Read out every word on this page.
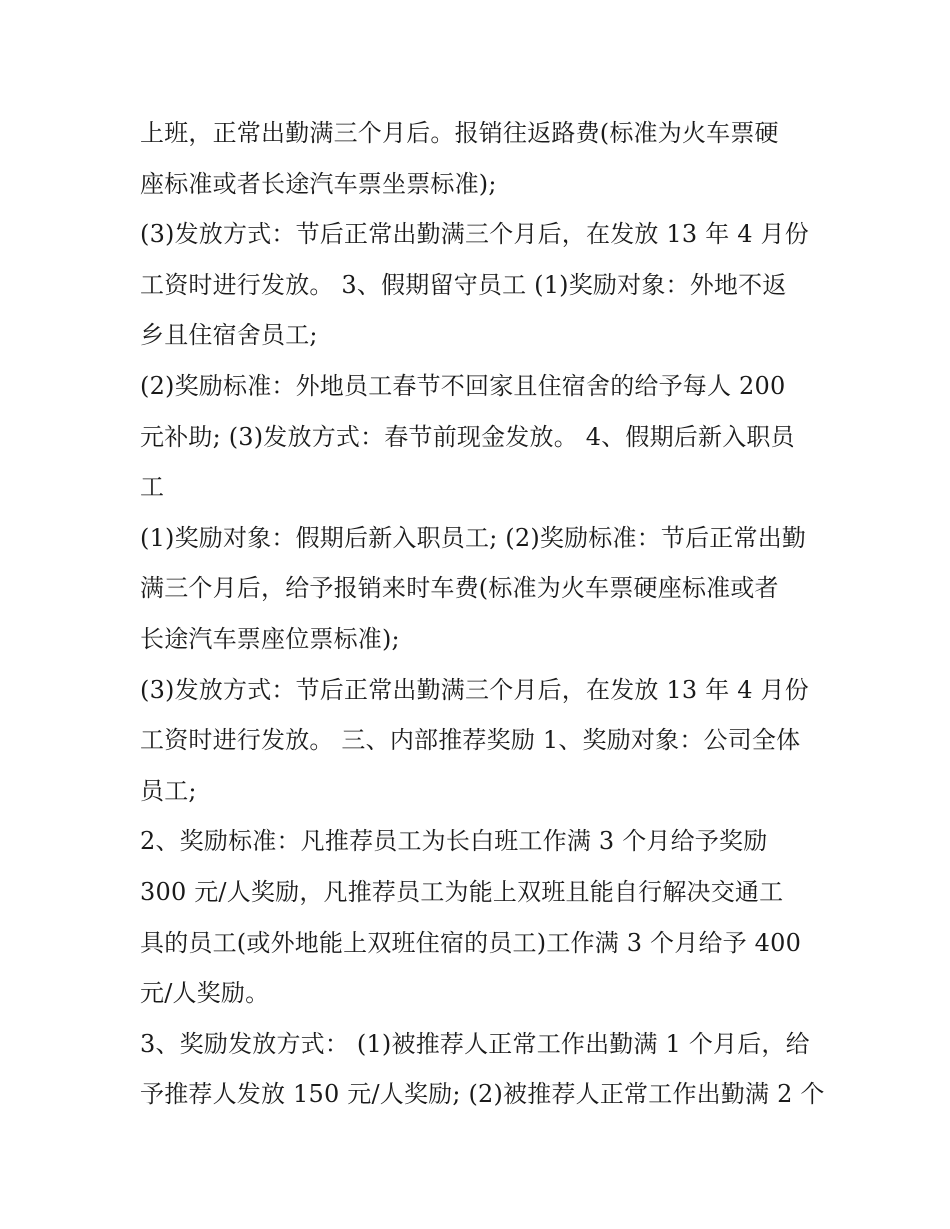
上班，正常出勤满三个月后。报销往返路费(标准为火车票硬
座标准或者长途汽车票坐票标准);
(3)发放方式：节后正常出勤满三个月后，在发放 13 年 4 月份
工资时进行发放。 3、假期留守员工 (1)奖励对象：外地不返
乡且住宿舍员工;
(2)奖励标准：外地员工春节不回家且住宿舍的给予每人 200
元补助; (3)发放方式：春节前现金发放。 4、假期后新入职员
工
(1)奖励对象：假期后新入职员工; (2)奖励标准：节后正常出勤
满三个月后，给予报销来时车费(标准为火车票硬座标准或者
长途汽车票座位票标准);
(3)发放方式：节后正常出勤满三个月后，在发放 13 年 4 月份
工资时进行发放。 三、内部推荐奖励 1、奖励对象：公司全体
员工;
2、奖励标准：凡推荐员工为长白班工作满 3 个月给予奖励
300 元/人奖励，凡推荐员工为能上双班且能自行解决交通工
具的员工(或外地能上双班住宿的员工)工作满 3 个月给予 400
元/人奖励。
3、奖励发放方式： (1)被推荐人正常工作出勤满 1 个月后，给
予推荐人发放 150 元/人奖励; (2)被推荐人正常工作出勤满 2 个
